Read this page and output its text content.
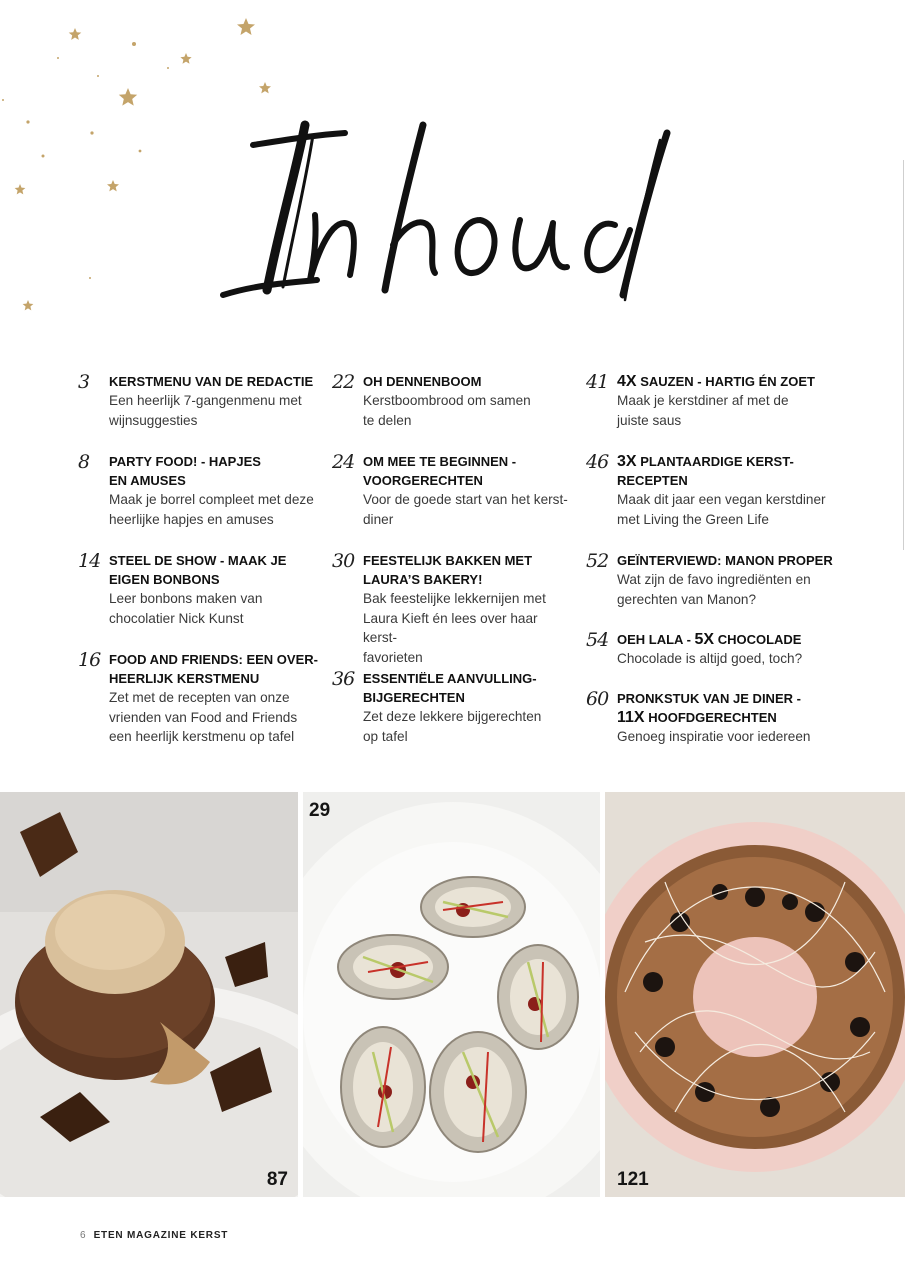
3	KERSTMENU VAN DE REDACTIE
Een heerlijk 7-gangenmenu met
wijnsuggesties
8	PARTY FOOD! - HAPJES
EN AMUSES
Maak je borrel compleet met deze
heerlijke hapjes en amuses
14 STEEL DE SHOW - MAAK JE
EIGEN BONBONS
Leer bonbons maken van
chocolatier Nick Kunst
16 FOOD AND FRIENDS: EEN OVER-
HEERLIJK KERSTMENU
Zet met de recepten van onze
vrienden van Food and Friends
een heerlijk kerstmenu op tafel
22 OH DENNENBOOM
Kerstboombrood om samen
te delen
24 OM MEE TE BEGINNEN -
VOORGERECHTEN
Voor de goede start van het kerst-
diner
30 FEESTELIJK BAKKEN MET
LAURA’S BAKERY!
Bak feestelijke lekkernijen met
Laura Kieft én lees over haar kerst-
favorieten
36 ESSENTIËLE AANVULLING-
BIJGERECHTEN
Zet deze lekkere bijgerechten
op tafel
41 4X SAUZEN - HARTIG ÉN ZOET
Maak je kerstdiner af met de
juiste saus
46 3X PLANTAARDIGE KERST-
RECEPTEN
Maak dit jaar een vegan kerstdiner
met Living the Green Life
52 GEÏNTERVIEWD: MANON PROPER
Wat zijn de favo ingrediënten en
gerechten van Manon?
54 OEH LALA - 5X CHOCOLADE
Chocolade is altijd goed, toch?
60 PRONKSTUK VAN JE DINER -
11X HOOFDGERECHTEN
Genoeg inspiratie voor iedereen
87
29
121
6 ETEN MAGAZINE KERST
